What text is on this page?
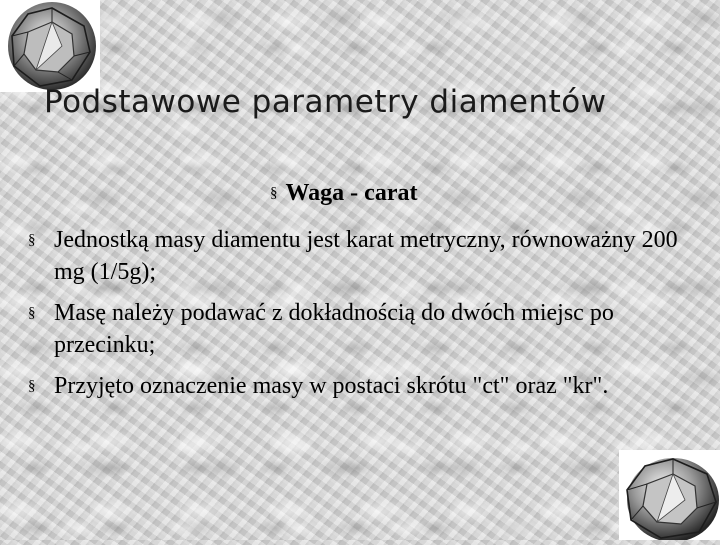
Podstawowe parametry diamentów
§ Waga - carat
§ Jednostką masy diamentu jest karat metryczny, równoważny 200 mg (1/5g);
§ Masę należy podawać z dokładnością do dwóch miejsc po przecinku;
§ Przyjęto oznaczenie masy w postaci skrótu "ct" oraz "kr".
